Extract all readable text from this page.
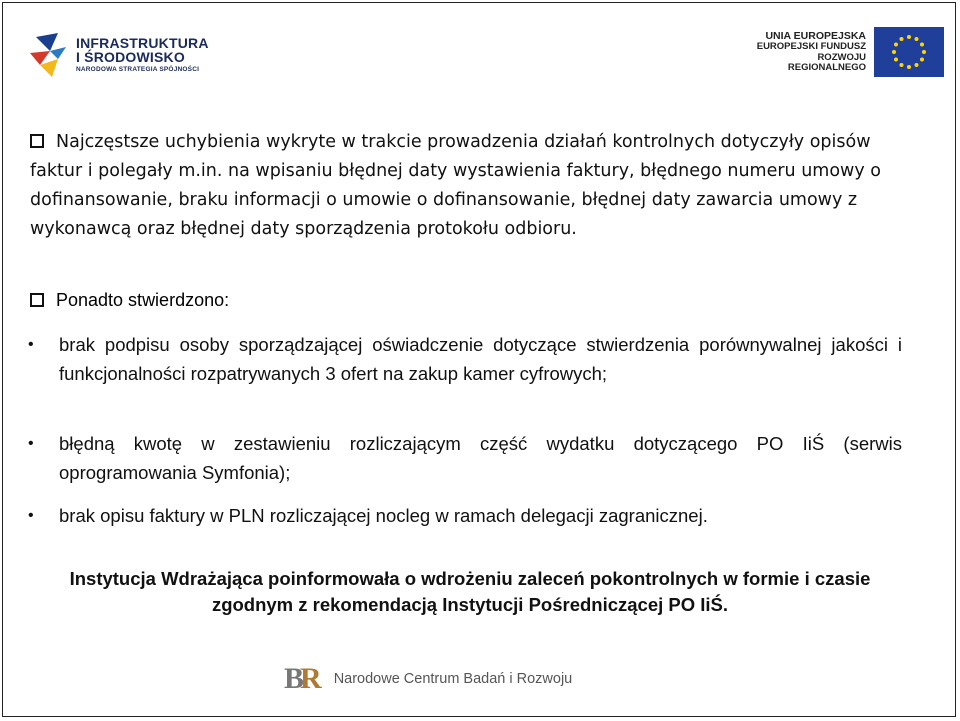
INFRASTRUKTURA
I ŚRODOWISKO
NARODOWA STRATEGIA SPÓJNOŚCI
UNIA EUROPEJSKA
EUROPEJSKI FUNDUSZ
ROZWOJU REGIONALNEGO
Najczęstsze uchybienia wykryte w trakcie prowadzenia działań kontrolnych dotyczyły opisów faktur i polegały m.in. na wpisaniu błędnej daty wystawienia faktury, błędnego numeru umowy o dofinansowanie, braku informacji o umowie o dofinansowanie, błędnej daty zawarcia umowy z wykonawcą oraz błędnej daty sporządzenia protokołu odbioru.
Ponadto stwierdzono:
• brak podpisu osoby sporządzającej oświadczenie dotyczące stwierdzenia porównywalnej jakości i funkcjonalności rozpatrywanych 3 ofert na zakup kamer cyfrowych;
• błędną kwotę w zestawieniu rozliczającym część wydatku dotyczącego PO IiŚ (serwis oprogramowania Symfonia);
• brak opisu faktury w PLN rozliczającej nocleg w ramach delegacji zagranicznej.
Instytucja Wdrażająca poinformowała o wdrożeniu zaleceń pokontrolnych w formie i czasie zgodnym z rekomendacją Instytucji Pośredniczącej PO IiŚ.
BR Narodowe Centrum Badań i Rozwoju
